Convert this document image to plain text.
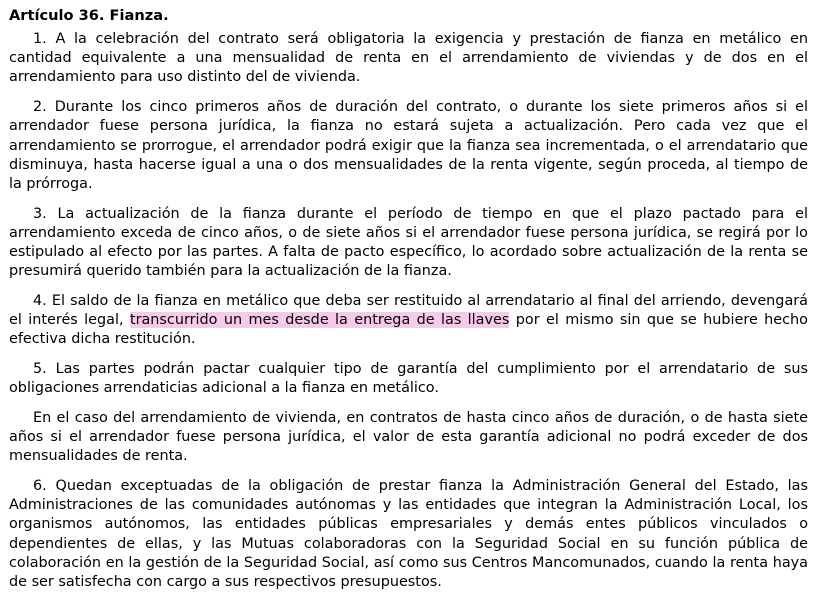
Artículo 36. Fianza.

1. A la celebración del contrato será obligatoria la exigencia y prestación de fianza en metálico en cantidad equivalente a una mensualidad de renta en el arrendamiento de viviendas y de dos en el arrendamiento para uso distinto del de vivienda.

2. Durante los cinco primeros años de duración del contrato, o durante los siete primeros años si el arrendador fuese persona jurídica, la fianza no estará sujeta a actualización. Pero cada vez que el arrendamiento se prorrogue, el arrendador podrá exigir que la fianza sea incrementada, o el arrendatario que disminuya, hasta hacerse igual a una o dos mensualidades de la renta vigente, según proceda, al tiempo de la prórroga.

3. La actualización de la fianza durante el período de tiempo en que el plazo pactado para el arrendamiento exceda de cinco años, o de siete años si el arrendador fuese persona jurídica, se regirá por lo estipulado al efecto por las partes. A falta de pacto específico, lo acordado sobre actualización de la renta se presumirá querido también para la actualización de la fianza.

4. El saldo de la fianza en metálico que deba ser restituido al arrendatario al final del arriendo, devengará el interés legal, transcurrido un mes desde la entrega de las llaves por el mismo sin que se hubiere hecho efectiva dicha restitución.

5. Las partes podrán pactar cualquier tipo de garantía del cumplimiento por el arrendatario de sus obligaciones arrendaticias adicional a la fianza en metálico.

En el caso del arrendamiento de vivienda, en contratos de hasta cinco años de duración, o de hasta siete años si el arrendador fuese persona jurídica, el valor de esta garantía adicional no podrá exceder de dos mensualidades de renta.

6. Quedan exceptuadas de la obligación de prestar fianza la Administración General del Estado, las Administraciones de las comunidades autónomas y las entidades que integran la Administración Local, los organismos autónomos, las entidades públicas empresariales y demás entes públicos vinculados o dependientes de ellas, y las Mutuas colaboradoras con la Seguridad Social en su función pública de colaboración en la gestión de la Seguridad Social, así como sus Centros Mancomunados, cuando la renta haya de ser satisfecha con cargo a sus respectivos presupuestos.
